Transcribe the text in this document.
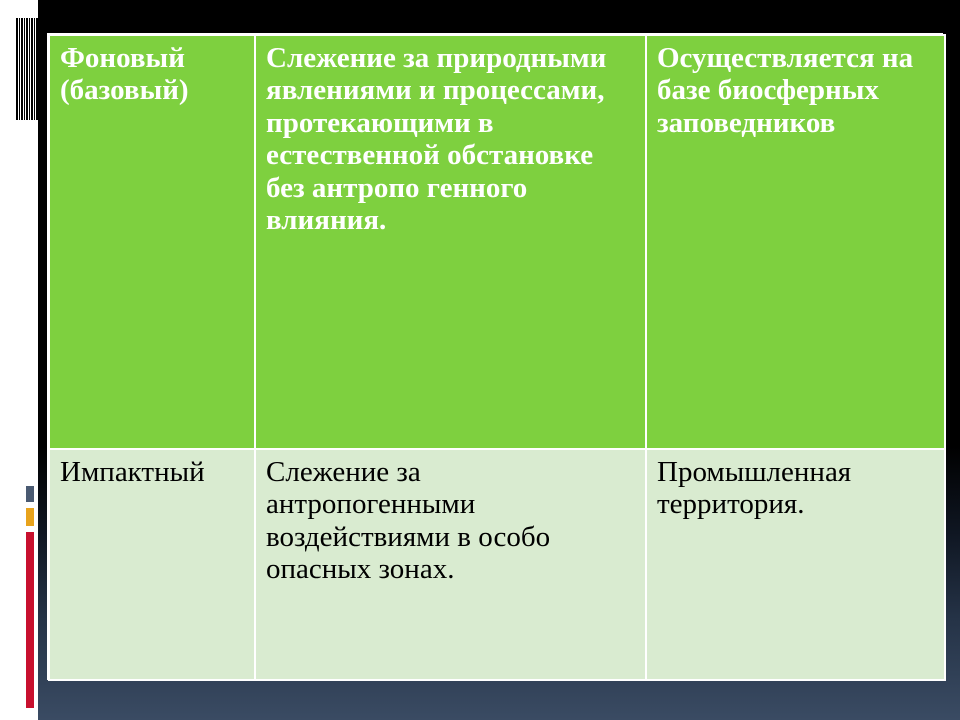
Фоновый (базовый)	Слежение за природными явлениями и процессами, протекающими в естественной обстановке без антропо генного влияния.	Осуществляется на базе биосферных заповедников
Импактный	Слежение за антропогенными воздействиями в особо опасных зонах.	Промышленная территория.
